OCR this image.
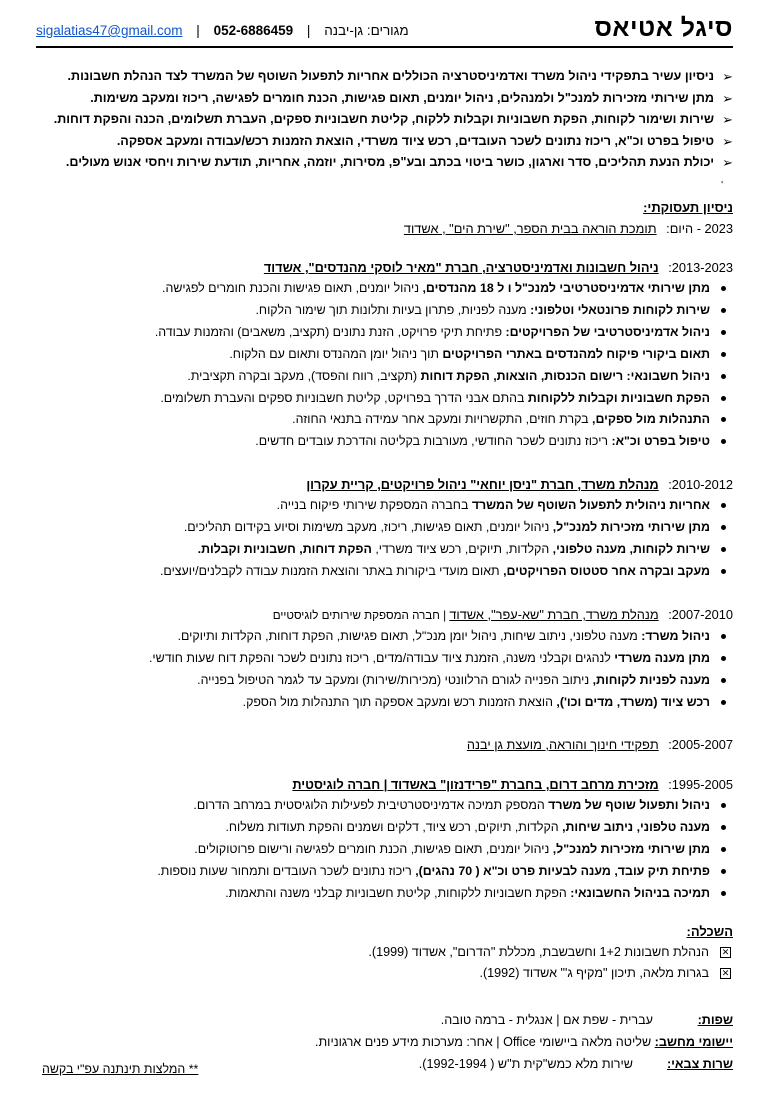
סיגל אטיאס
מגורים: גן-יבנה | 052-6886459 | sigalatias47@gmail.com
➢
ניסיון עשיר בתפקידי ניהול משרד ואדמיניסטרציה הכוללים אחריות לתפעול השוטף של המשרד לצד הנהלת חשבונות.
➢
מתן שירותי מזכירות למנכ"ל ולמנהלים, ניהול יומנים, תאום פגישות, הכנת חומרים לפגישה, ריכוז ומעקב משימות.
➢
שירות ושימור לקוחות, הפקת חשבוניות וקבלות ללקוח, קליטת חשבוניות ספקים, העברת תשלומים, הכנה והפקת דוחות.
➢
טיפול בפרט וכ"א, ריכוז נתונים לשכר העובדים, רכש ציוד משרדי, הוצאת הזמנות רכש/עבודה ומעקב אספקה.
➢
יכולת הנעת תהליכים, סדר וארגון, כושר ביטוי בכתב ובע"פ, מסירות, יוזמה, אחריות, תודעת שירות ויחסי אנוש מעולים.
'
ניסיון תעסוקתי:
2023 - היום: תומכת הוראה בבית הספר, "שירת הים" , אשדוד
2013-2023: ניהול חשבונות ואדמיניסטרציה, חברת "מאיר לוסקי מהנדסים", אשדוד
מתן שירותי אדמיניסטרטיבי למנכ"ל ו ל 18 מהנדסים, ניהול יומנים, תאום פגישות והכנת חומרים לפגישה.
שירות לקוחות פרונטאלי וטלפוני: מענה לפניות, פתרון בעיות ותלונות תוך שימור הלקוח.
ניהול אדמיניסטרטיבי של הפרויקטים: פתיחת תיקי פרויקט, הזנת נתונים (תקציב, משאבים) והזמנות עבודה.
תאום ביקורי פיקוח למהנדסים באתרי הפרויקטים תוך ניהול יומן המהנדס ותאום עם הלקוח.
ניהול חשבונאי: רישום הכנסות, הוצאות, הפקת דוחות (תקציב, רווח והפסד), מעקב ובקרה תקציבית.
הפקת חשבוניות וקבלות ללקוחות בהתם אבני הדרך בפרויקט, קליטת חשבוניות ספקים והעברת תשלומים.
התנהלות מול ספקים, בקרת חוזים, התקשרויות ומעקב אחר עמידה בתנאי החוזה.
טיפול בפרט וכ"א: ריכוז נתונים לשכר החודשי, מעורבות בקליטה והדרכת עובדים חדשים.
2010-2012: מנהלת משרד, חברת "ניסן יוחאי" ניהול פרויקטים, קריית עקרון
אחריות ניהולית לתפעול השוטף של המשרד בחברה המספקת שירותי פיקוח בנייה.
מתן שירותי מזכירות למנכ"ל, ניהול יומנים, תאום פגישות, ריכוז, מעקב משימות וסיוע בקידום תהליכים.
שירות לקוחות, מענה טלפוני, הקלדות, תיוקים, רכש ציוד משרדי, הפקת דוחות, חשבוניות וקבלות.
מעקב ובקרה אחר סטטוס הפרויקטים, תאום מועדי ביקורות באתר והוצאת הזמנות עבודה לקבלנים/יועצים.
2007-2010: מנהלת משרד, חברת "שא-עפר", אשדוד | חברה המספקת שירותים לוגיסטיים
ניהול משרד: מענה טלפוני, ניתוב שיחות, ניהול יומן מנכ"ל, תאום פגישות, הפקת דוחות, הקלדות ותיוקים.
מתן מענה משרדי לנהגים וקבלני משנה, הזמנת ציוד עבודה/מדים, ריכוז נתונים לשכר והפקת דוח שעות חודשי.
מענה לפניות לקוחות, ניתוב הפנייה לגורם הרלוונטי (מכירות/שירות) ומעקב עד לגמר הטיפול בפנייה.
רכש ציוד (משרד, מדים וכו'), הוצאת הזמנות רכש ומעקב אספקה תוך התנהלות מול הספק.
2005-2007: תפקידי חינוך והוראה, מועצת גן יבנה
1995-2005: מזכירת מרחב דרום, בחברת "פרידנזון" באשדוד | חברה לוגיסטית
ניהול ותפעול שוטף של משרד המספק תמיכה אדמיניסטרטיבית לפעילות הלוגיסטית במרחב הדרום.
מענה טלפוני, ניתוב שיחות, הקלדות, תיוקים, רכש ציוד, דלקים ושמנים והפקת תעודות משלוח.
מתן שירותי מזכירות למנכ"ל, ניהול יומנים, תאום פגישות, הכנת חומרים לפגישה ורישום פרוטוקולים.
פתיחת תיק עובד, מענה לבעיות פרט וכ"א ( 70 נהגים), ריכוז נתונים לשכר העובדים ותמחור שעות נוספות.
תמיכה בניהול החשבונאי: הפקת חשבוניות ללקוחות, קליטת חשבוניות קבלני משנה והתאמות.
השכלה:
✕
הנהלת חשבונות 1+2 וחשבשבת, מכללת "הדרום", אשדוד (1999).
✕
בגרות מלאה, תיכון "מקיף ג'" אשדוד (1992).
שפות:
עברית - שפת אם | אנגלית - ברמה טובה.
יישומי מחשב: שליטה מלאה ביישומי Office | אחר: מערכות מידע פנים ארגוניות.
שרות צבאי:
שירות מלא כמש"קית ת"ש ( 1992-1994).
** המלצות תינתנה עפ"י בקשה
